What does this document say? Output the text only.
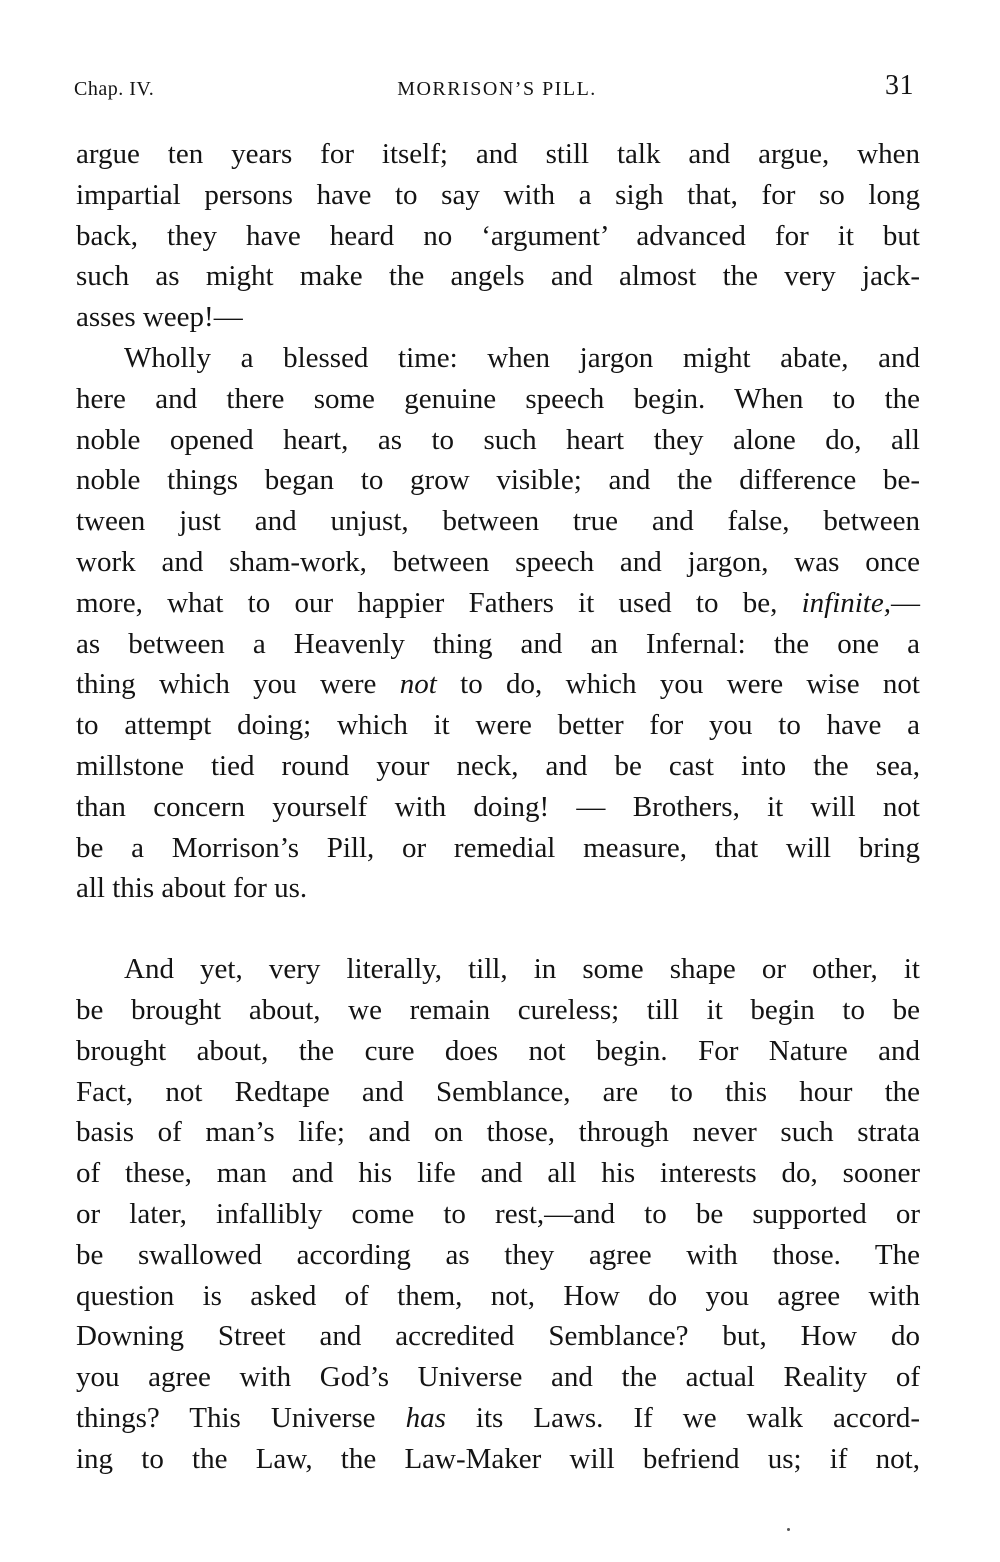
Chap. IV.	MORRISON’S PILL.	31
argue ten years for itself; and still talk and argue, when
impartial persons have to say with a sigh that, for so long
back, they have heard no ‘argument’ advanced for it but
such as might make the angels and almost the very jack-
asses weep!—
Wholly a blessed time: when jargon might abate, and
here and there some genuine speech begin. When to the
noble opened heart, as to such heart they alone do, all
noble things began to grow visible; and the difference be-
tween just and unjust, between true and false, between
work and sham-work, between speech and jargon, was once
more, what to our happier Fathers it used to be, infinite,—
as between a Heavenly thing and an Infernal: the one a
thing which you were not to do, which you were wise not
to attempt doing; which it were better for you to have a
millstone tied round your neck, and be cast into the sea,
than concern yourself with doing! — Brothers, it will not
be a Morrison’s Pill, or remedial measure, that will bring
all this about for us.
And yet, very literally, till, in some shape or other, it
be brought about, we remain cureless; till it begin to be
brought about, the cure does not begin. For Nature and
Fact, not Redtape and Semblance, are to this hour the
basis of man’s life; and on those, through never such strata
of these, man and his life and all his interests do, sooner
or later, infallibly come to rest,—and to be supported or
be swallowed according as they agree with those. The
question is asked of them, not, How do you agree with
Downing Street and accredited Semblance? but, How do
you agree with God’s Universe and the actual Reality of
things? This Universe has its Laws. If we walk accord-
ing to the Law, the Law-Maker will befriend us; if not,
